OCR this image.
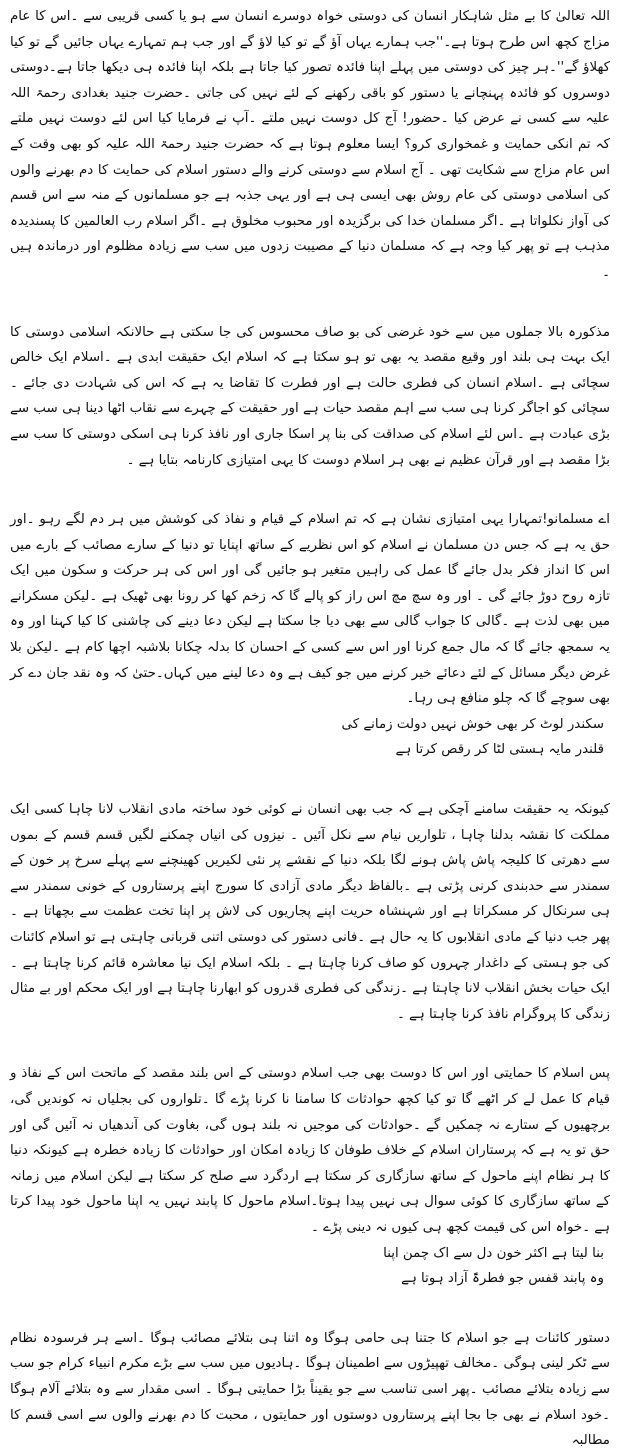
اللہ تعالیٰ کا بے مثل شاہکار انسان کی دوستی خواہ دوسرے انسان سے ہو یا کسی قریبی سے ۔اس کا عام مزاج کچھ اس طرح ہوتا ہے۔''جب ہمارے یہاں آؤ گے تو کیا لاؤ گے اور جب ہم تمہارے یہاں جائیں گے تو کیا کھلاؤ گے''۔ہر چیز کی دوستی میں پہلے اپنا فائدہ تصور کیا جاتا ہے بلکہ اپنا فائدہ ہی دیکھا جاتا ہے۔دوستی دوسروں کو فائدہ پہنچانے یا دستور کو باقی رکھنے کے لئے نہیں کی جاتی ۔حضرت جنید بغدادی رحمۃ اللہ علیہ سے کسی نے عرض کیا ۔حضور! آج کل دوست نہیں ملتے ۔آپ نے فرمایا کیا اس لئے دوست نہیں ملتے کہ تم انکی حمایت و غمخواری کرو؟ ایسا معلوم ہوتا ہے کہ حضرت جنید رحمۃ اللہ علیہ کو بھی وقت کے اس عام مزاج سے شکایت تھی ۔ آج اسلام سے دوستی کرنے والے دستور اسلام کی حمایت کا دم بھرنے والوں کی اسلامی دوستی کی عام روش بھی ایسی ہی ہے اور یہی جذبہ ہے جو مسلمانوں کے منہ سے اس قسم کی آواز نکلواتا ہے ۔اگر مسلمان خدا کی برگزیدہ اور محبوب مخلوق ہے ۔اگر اسلام رب العالمین کا پسندیدہ مذہب ہے تو پھر کیا وجہ ہے کہ مسلمان دنیا کے مصیبت زدوں میں سب سے زیادہ مظلوم اور درماندہ ہیں ۔

مذکورہ بالا جملوں میں سے خود غرضی کی بو صاف محسوس کی جا سکتی ہے حالانکہ اسلامی دوستی کا ایک بہت ہی بلند اور وقیع مقصد یہ بھی تو ہو سکتا ہے کہ اسلام ایک حقیقت ابدی ہے ۔اسلام ایک خالص سچائی ہے ۔اسلام انسان کی فطری حالت ہے اور فطرت کا تقاضا یہ ہے کہ اس کی شہادت دی جائے ۔سچائی کو اجاگر کرنا ہی سب سے اہم مقصد حیات ہے اور حقیقت کے چہرے سے نقاب اٹھا دینا ہی سب سے بڑی عبادت ہے ۔اس لئے اسلام کی صداقت کی بنا پر اسکا جاری اور نافذ کرنا ہی اسکی دوستی کا سب سے بڑا مقصد ہے اور قرآن عظیم نے بھی ہر اسلام دوست کا یہی امتیازی کارنامہ بتایا ہے ۔

اے مسلمانو!تمہارا یہی امتیازی نشان ہے کہ تم اسلام کے قیام و نفاذ کی کوشش میں ہر دم لگے رہو ۔اور حق یہ ہے کہ جس دن مسلمان نے اسلام کو اس نظریے کے ساتھ اپنایا تو دنیا کے سارے مصائب کے بارے میں اس کا انداز فکر بدل جائے گا عمل کی راہیں متغیر ہو جائیں گی اور اس کی ہر حرکت و سکون میں ایک تازہ روح دوڑ جائے گی ۔ اور وہ سچ مچ اس راز کو پالے گا کہ زخم کھا کر رونا بھی ٹھیک ہے ۔لیکن مسکرانے میں بھی لذت ہے ۔گالی کا جواب گالی سے بھی دیا جا سکتا ہے لیکن دعا دینے کی چاشنی کا کیا کہنا اور وہ یہ سمجھ جائے گا کہ مال جمع کرنا اور اس سے کسی کے احسان کا بدلہ چکانا بلاشبہ اچھا کام ہے ۔لیکن بلا غرض دیگر مسائل کے لئے دعائے خیر کرنے میں جو کیف ہے وہ دعا لینے میں کہاں۔حتیٰ کہ وہ نقد جان دے کر بھی سوچے گا کہ چلو منافع ہی رہا۔

سکندر لوٹ کر بھی خوش نہیں دولت زمانے کی

قلندر مایہ ہستی لٹا کر رقص کرتا ہے

کیونکہ یہ حقیقت سامنے آچکی ہے کہ جب بھی انسان نے کوئی خود ساختہ مادی انقلاب لانا چاہا کسی ایک مملکت کا نقشہ بدلنا چاہا ، تلواریں نیام سے نکل آئیں ۔ نیزوں کی انیاں چمکنے لگیں قسم قسم کے بموں سے دھرتی کا کلیجہ پاش پاش ہونے لگا بلکہ دنیا کے نقشے پر نئی لکیریں کھینچنے سے پہلے سرخ پر خون کے سمندر سے حدبندی کرنی پڑتی ہے ۔بالفاظ دیگر مادی آزادی کا سورج اپنے پرستاروں کے خونی سمندر سے ہی سرنکال کر مسکراتا ہے اور شہنشاہ حریت اپنے پجاریوں کی لاش پر اپنا تخت عظمت سے بچھاتا ہے ۔ پھر جب دنیا کے مادی انقلابوں کا یہ حال ہے ۔فانی دستور کی دوستی اتنی قربانی چاہتی ہے تو اسلام کائنات کی جو ہستی کے داغدار چہروں کو صاف کرنا چاہتا ہے ۔ بلکہ اسلام ایک نیا معاشرہ قائم کرنا چاہتا ہے ۔ایک حیات بخش انقلاب لانا چاہتا ہے ۔زندگی کی فطری قدروں کو ابھارنا چاہتا ہے اور ایک محکم اور بے مثال زندگی کا پروگرام نافذ کرنا چاہتا ہے ۔

پس اسلام کا حمایتی اور اس کا دوست بھی جب اسلام دوستی کے اس بلند مقصد کے ماتحت اس کے نفاذ و قیام کا عمل لے کر اٹھے گا تو کیا کچھ حوادثات کا سامنا نا کرنا پڑے گا ۔تلواروں کی بجلیاں نہ کوندیں گی، برچھیوں کے ستارے نہ چمکیں گے ۔حوادثات کی موجیں نہ بلند ہوں گی، بغاوت کی آندھیاں نہ آئیں گی اور حق تو یہ ہے کہ پرستاران اسلام کے خلاف طوفان کا زیادہ امکان اور حوادثات کا زیادہ خطرہ ہے کیونکہ دنیا کا ہر نظام اپنے ماحول کے ساتھ سازگاری کر سکتا ہے اردگرد سے صلح کر سکتا ہے لیکن اسلام میں زمانہ کے ساتھ سازگاری کا کوئی سوال ہی نہیں پیدا ہوتا۔اسلام ماحول کا پابند نہیں یہ اپنا ماحول خود پیدا کرتا ہے ۔خواہ اس کی قیمت کچھ ہی کیوں نہ دینی پڑے ۔

بنا لیتا ہے اکثر خون دل سے اک چمن اپنا

وہ پابند قفس جو فطرۃً آزاد ہوتا ہے

دستور کائنات ہے جو اسلام کا جتنا ہی حامی ہوگا وہ اتنا ہی بتلائے مصائب ہوگا ۔اسے ہر فرسودہ نظام سے ٹکر لینی ہوگی ۔مخالف تھپیڑوں سے اطمینان ہوگا ۔ہادیوں میں سب سے بڑے مکرم انبیاء کرام جو سب سے زیادہ بتلائے مصائب ۔پھر اسی تناسب سے جو یقیناً بڑا حمایتی ہوگا ۔ اسی مقدار سے وہ بتلائے آلام ہوگا ۔خود اسلام نے بھی جا بجا اپنے پرستاروں دوستوں اور حمایتوں ، محبت کا دم بھرنے والوں سے اسی قسم کا مطالبہ
